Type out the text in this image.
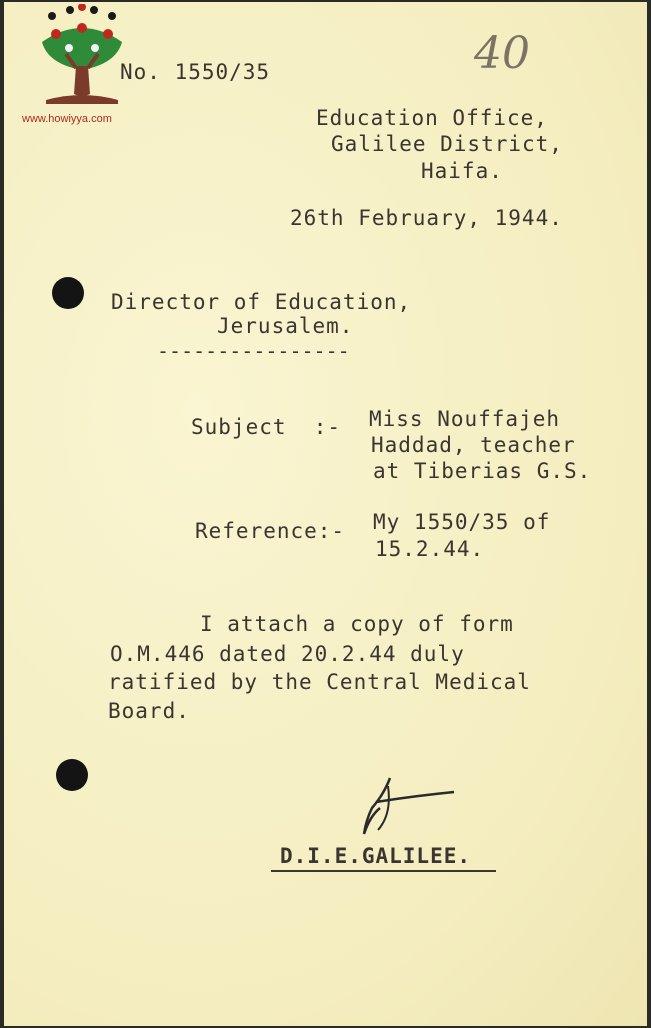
www.howiyya.com
40
No. 1550/35
Education Office,
Galilee District,
Haifa.
26th February, 1944.
Director of Education,
Jerusalem.
----------------
Subject  :- Miss Nouffajeh
Haddad, teacher
at Tiberias G.S.
Reference:- My 1550/35 of
15.2.44.
I attach a copy of form
O.M.446 dated 20.2.44 duly
ratified by the Central Medical
Board.
D.I.E.GALILEE.
